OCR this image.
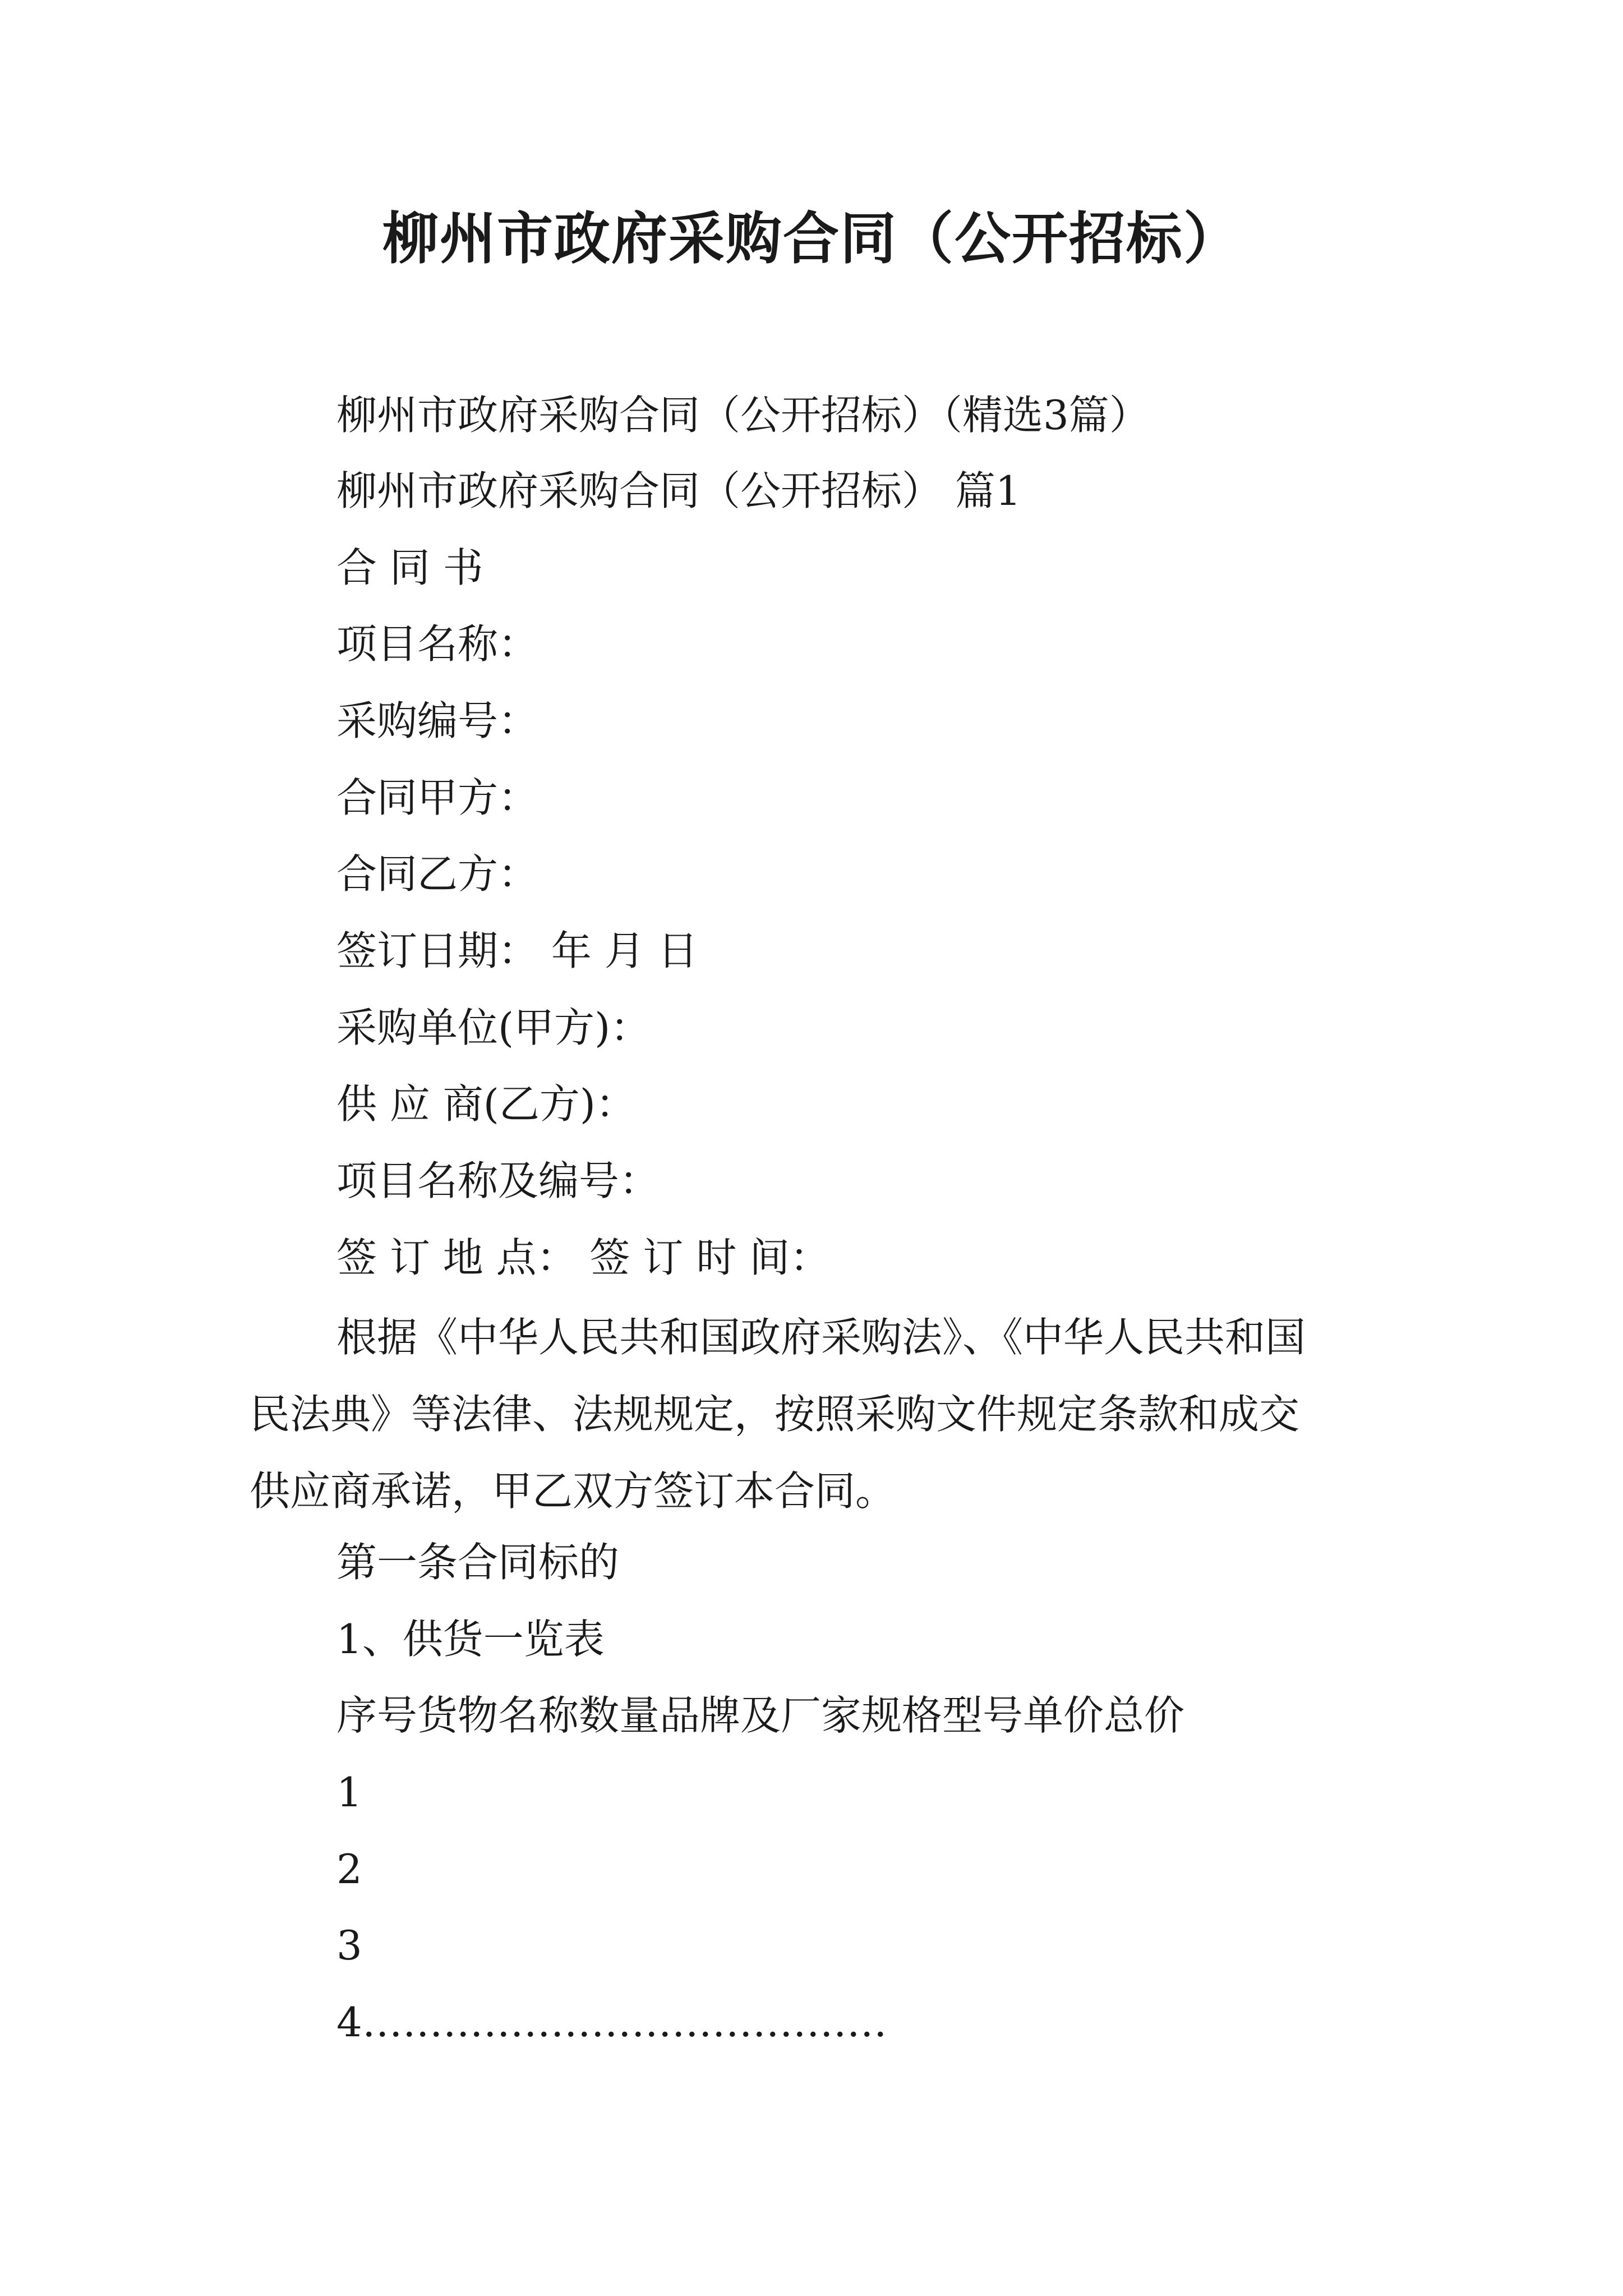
柳州市政府采购合同（公开招标）
柳州市政府采购合同（公开招标）（精选3篇）
柳州市政府采购合同（公开招标） 篇1
合 同 书
项目名称：
采购编号：
合同甲方：
合同乙方：
签订日期： 年 月 日
采购单位(甲方)：
供 应 商(乙方)：
项目名称及编号：
签 订 地 点： 签 订 时 间：
根据《中华人民共和国政府采购法》、《中华人民共和国
民法典》等法律、法规规定，按照采购文件规定条款和成交
供应商承诺，甲乙双方签订本合同。
第一条合同标的
1、供货一览表
序号货物名称数量品牌及厂家规格型号单价总价
1
2
3
4…………………………………
